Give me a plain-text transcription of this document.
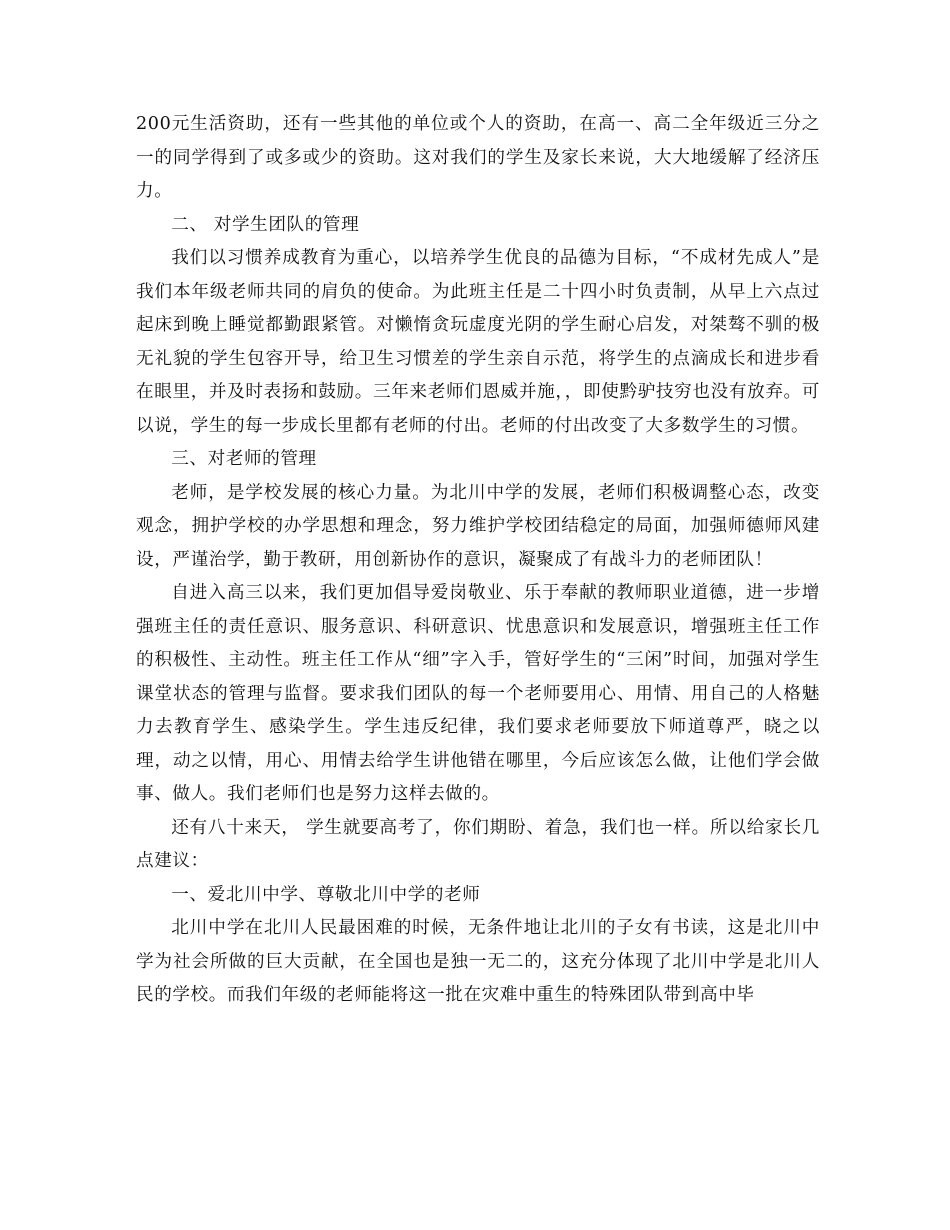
200元生活资助，还有一些其他的单位或个人的资助，在高一、高二全年级近三分之一的同学得到了或多或少的资助。这对我们的学生及家长来说，大大地缓解了经济压力。

二、 对学生团队的管理

我们以习惯养成教育为重心，以培养学生优良的品德为目标，“不成材先成人”是我们本年级老师共同的肩负的使命。为此班主任是二十四小时负责制，从早上六点过起床到晚上睡觉都勤跟紧管。对懒惰贪玩虚度光阴的学生耐心启发，对桀骜不驯的极无礼貌的学生包容开导，给卫生习惯差的学生亲自示范，将学生的点滴成长和进步看在眼里，并及时表扬和鼓励。三年来老师们恩威并施，，即使黔驴技穷也没有放弃。可以说，学生的每一步成长里都有老师的付出。老师的付出改变了大多数学生的习惯。

三、对老师的管理

老师，是学校发展的核心力量。为北川中学的发展，老师们积极调整心态，改变观念，拥护学校的办学思想和理念，努力维护学校团结稳定的局面，加强师德师风建设，严谨治学，勤于教研，用创新协作的意识，凝聚成了有战斗力的老师团队！

自进入高三以来，我们更加倡导爱岗敬业、乐于奉献的教师职业道德，进一步增强班主任的责任意识、服务意识、科研意识、忧患意识和发展意识，增强班主任工作的积极性、主动性。班主任工作从“细”字入手，管好学生的“三闲”时间，加强对学生课堂状态的管理与监督。要求我们团队的每一个老师要用心、用情、用自己的人格魅力去教育学生、感染学生。学生违反纪律，我们要求老师要放下师道尊严，晓之以理，动之以情，用心、用情去给学生讲他错在哪里，今后应该怎么做，让他们学会做事、做人。我们老师们也是努力这样去做的。

还有八十来天， 学生就要高考了，你们期盼、着急，我们也一样。所以给家长几点建议：

一、爱北川中学、尊敬北川中学的老师

北川中学在北川人民最困难的时候，无条件地让北川的子女有书读，这是北川中学为社会所做的巨大贡献，在全国也是独一无二的，这充分体现了北川中学是北川人民的学校。而我们年级的老师能将这一批在灾难中重生的特殊团队带到高中毕
